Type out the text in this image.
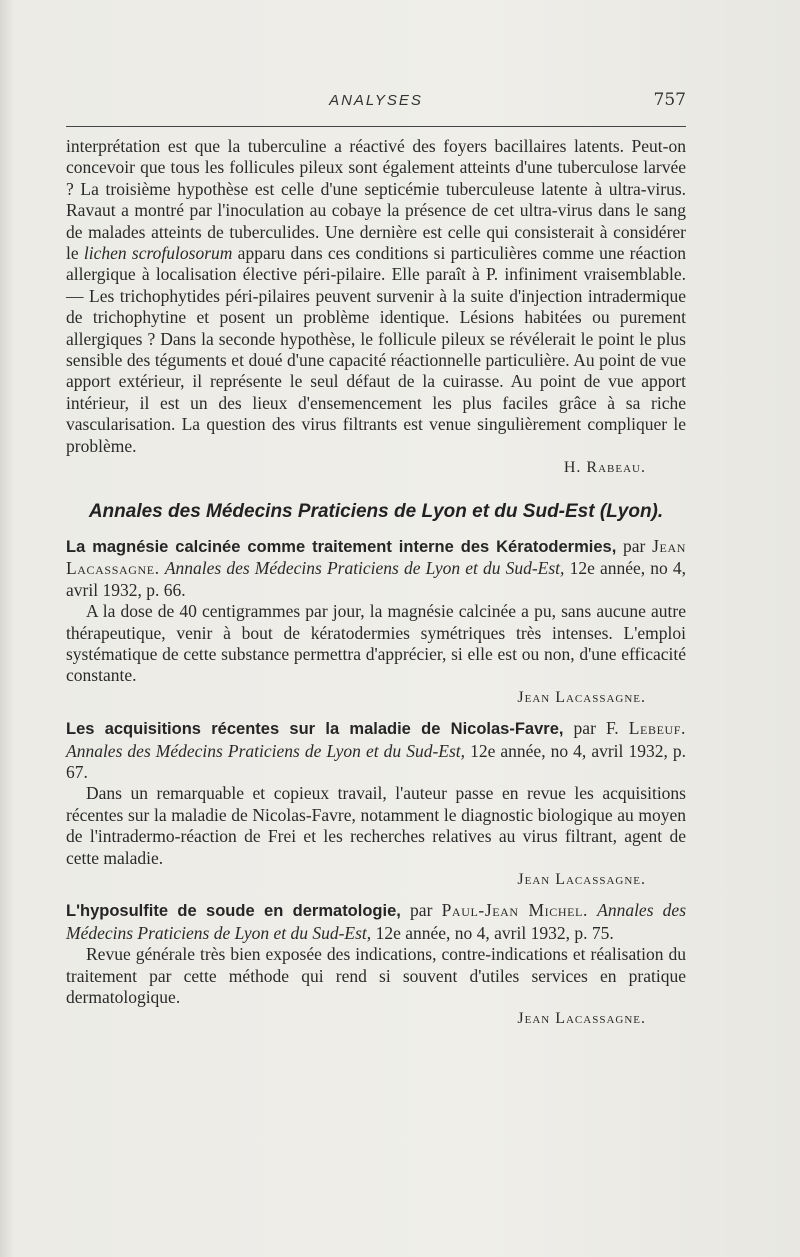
ANALYSES	757

interprétation est que la tuberculine a réactivé des foyers bacillaires latents. Peut-on concevoir que tous les follicules pileux sont également atteints d'une tuberculose larvée ? La troisième hypothèse est celle d'une septicémie tuberculeuse latente à ultra-virus. Ravaut a montré par l'inoculation au cobaye la présence de cet ultra-virus dans le sang de malades atteints de tuberculides. Une dernière est celle qui consisterait à considérer le lichen scrofulosorum apparu dans ces conditions si particulières comme une réaction allergique à localisation élective péri-pilaire. Elle paraît à P. infiniment vraisemblable. — Les trichophytides péri-pilaires peuvent survenir à la suite d'injection intradermique de trichophytine et posent un problème identique. Lésions habitées ou purement allergiques ? Dans la seconde hypothèse, le follicule pileux se révélerait le point le plus sensible des téguments et doué d'une capacité réactionnelle particulière. Au point de vue apport extérieur, il représente le seul défaut de la cuirasse. Au point de vue apport intérieur, il est un des lieux d'ensemencement les plus faciles grâce à sa riche vascularisation. La question des virus filtrants est venue singulièrement compliquer le problème.

H. Rabeau.

Annales des Médecins Praticiens de Lyon et du Sud-Est (Lyon).

La magnésie calcinée comme traitement interne des Kératodermies, par Jean Lacassagne. Annales des Médecins Praticiens de Lyon et du Sud-Est, 12e année, no 4, avril 1932, p. 66.

A la dose de 40 centigrammes par jour, la magnésie calcinée a pu, sans aucune autre thérapeutique, venir à bout de kératodermies symétriques très intenses. L'emploi systématique de cette substance permettra d'apprécier, si elle est ou non, d'une efficacité constante.

Jean Lacassagne.

Les acquisitions récentes sur la maladie de Nicolas-Favre, par F. Lebeuf. Annales des Médecins Praticiens de Lyon et du Sud-Est, 12e année, no 4, avril 1932, p. 67.

Dans un remarquable et copieux travail, l'auteur passe en revue les acquisitions récentes sur la maladie de Nicolas-Favre, notamment le diagnostic biologique au moyen de l'intradermo-réaction de Frei et les recherches relatives au virus filtrant, agent de cette maladie.

Jean Lacassagne.

L'hyposulfite de soude en dermatologie, par Paul-Jean Michel. Annales des Médecins Praticiens de Lyon et du Sud-Est, 12e année, no 4, avril 1932, p. 75.

Revue générale très bien exposée des indications, contre-indications et réalisation du traitement par cette méthode qui rend si souvent d'utiles services en pratique dermatologique.

Jean Lacassagne.
